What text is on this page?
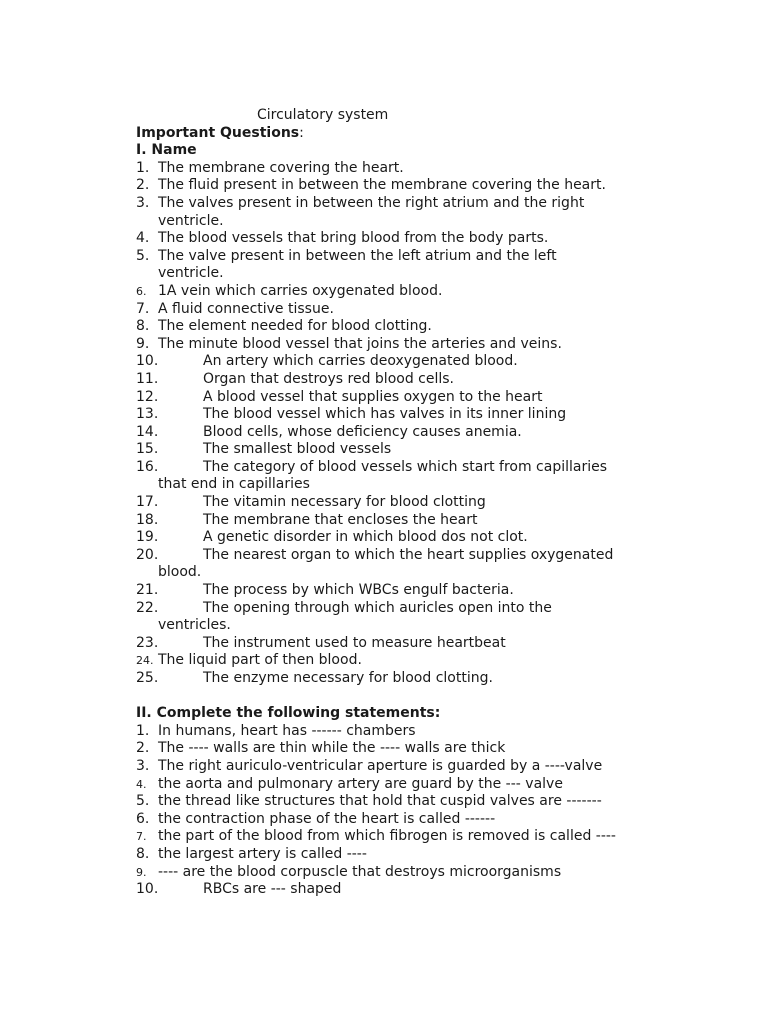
Circulatory system
Important Questions:
I. Name
1. The membrane covering the heart.
2. The fluid present in between the membrane covering the heart.
3. The valves present in between the right atrium and the right
ventricle.
4. The blood vessels that bring blood from the body parts.
5. The valve present in between the left atrium and the left
ventricle.
6. 1A vein which carries oxygenated blood.
7. A fluid connective tissue.
8. The element needed for blood clotting.
9. The minute blood vessel that joins the arteries and veins.
10.	An artery which carries deoxygenated blood.
11.	Organ that destroys red blood cells.
12.	A blood vessel that supplies oxygen to the heart
13.	The blood vessel which has valves in its inner lining
14.	Blood cells, whose deficiency causes anemia.
15.	The smallest blood vessels
16.	The category of blood vessels which start from capillaries
that end in capillaries
17.	The vitamin necessary for blood clotting
18.	The membrane that encloses the heart
19.	A genetic disorder in which blood dos not clot.
20.	The nearest organ to which the heart supplies oxygenated
blood.
21.	The process by which WBCs engulf bacteria.
22.	The opening through which auricles open into the
ventricles.
23.	The instrument used to measure heartbeat
24. The liquid part of then blood.
25.	The enzyme necessary for blood clotting.
II. Complete the following statements:
1. In humans, heart has ------ chambers
2. The ---- walls are thin while the ---- walls are thick
3. The right auriculo-ventricular aperture is guarded by a ----valve
4. the aorta and pulmonary artery are guard by the --- valve
5. the thread like structures that hold that cuspid valves are -------
6. the contraction phase of the heart is called ------
7. the part of the blood from which fibrogen is removed is called ----
8. the largest artery is called ----
9. ---- are the blood corpuscle that destroys microorganisms
10.	RBCs are --- shaped
